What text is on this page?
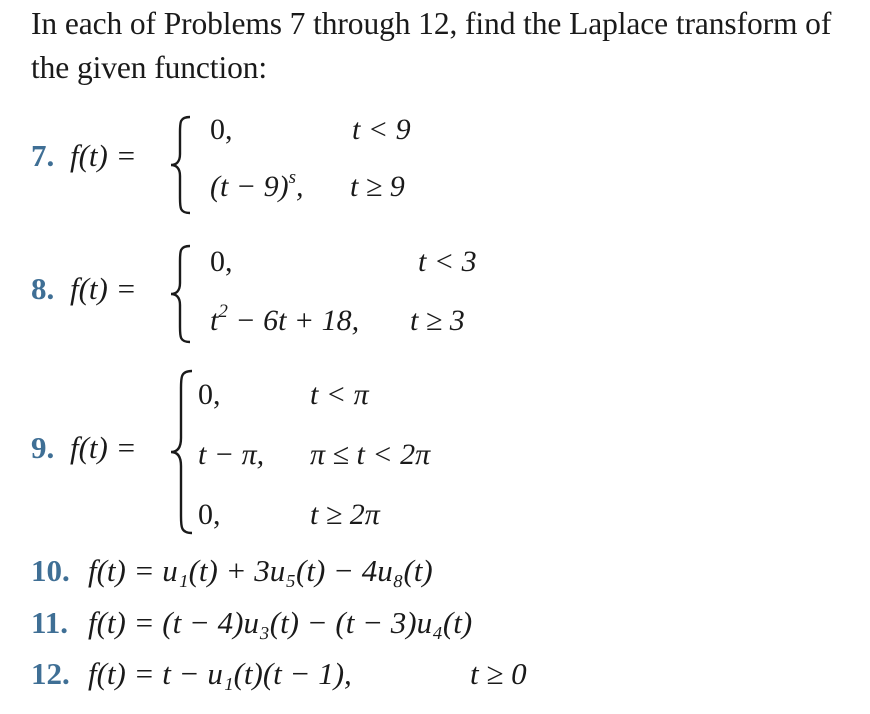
In each of Problems 7 through 12, find the Laplace transform of the given function:
7. f(t) =
0,	t < 9
$(t - 9)^s$, t ≥ 9
8. f(t) =
0,	t < 3
$t^2 - 6t + 18$, t ≥ 3
9. f(t) =
0,	t < π
t − π, π ≤ t < 2π
0,	t ≥ 2π
10. f(t) = u₁(t) + 3u₅(t) − 4u₈(t)
11. f(t) = (t − 4)u₃(t) − (t − 3)u₄(t)
12. f(t) = t − u₁(t)(t − 1),	t ≥ 0
